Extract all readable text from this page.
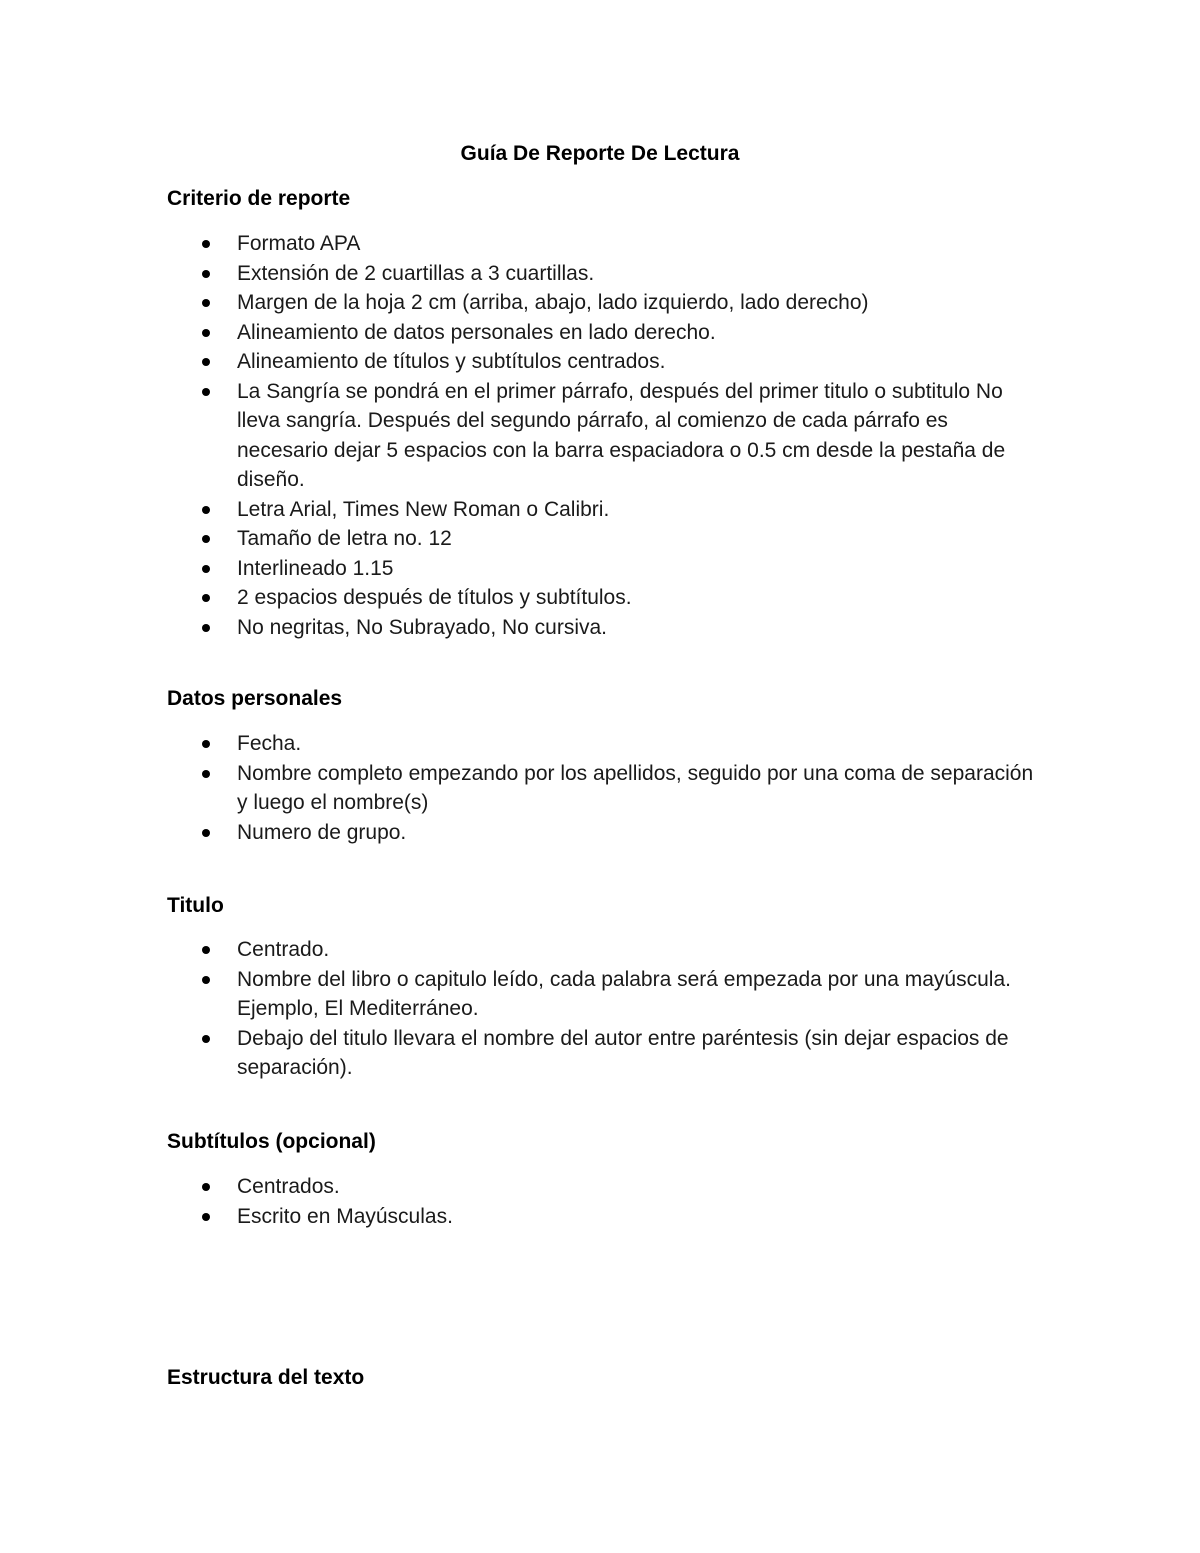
Guía De Reporte De Lectura
Criterio de reporte
Formato APA
Extensión de 2 cuartillas a 3 cuartillas.
Margen de la hoja 2 cm (arriba, abajo, lado izquierdo, lado derecho)
Alineamiento de datos personales en lado derecho.
Alineamiento de títulos y subtítulos centrados.
La Sangría se pondrá en el primer párrafo, después del primer titulo o subtitulo No lleva sangría. Después del segundo párrafo, al comienzo de cada párrafo es necesario dejar 5 espacios con la barra espaciadora o 0.5 cm desde la pestaña de diseño.
Letra Arial, Times New Roman o Calibri.
Tamaño de letra no. 12
Interlineado 1.15
2 espacios después de títulos y subtítulos.
No negritas, No Subrayado, No cursiva.
Datos personales
Fecha.
Nombre completo empezando por los apellidos, seguido por una coma de separación y luego el nombre(s)
Numero de grupo.
Titulo
Centrado.
Nombre del libro o capitulo leído, cada palabra será empezada por una mayúscula. Ejemplo, El Mediterráneo.
Debajo del titulo llevara el nombre del autor entre paréntesis (sin dejar espacios de separación).
Subtítulos (opcional)
Centrados.
Escrito en Mayúsculas.
Estructura del texto
